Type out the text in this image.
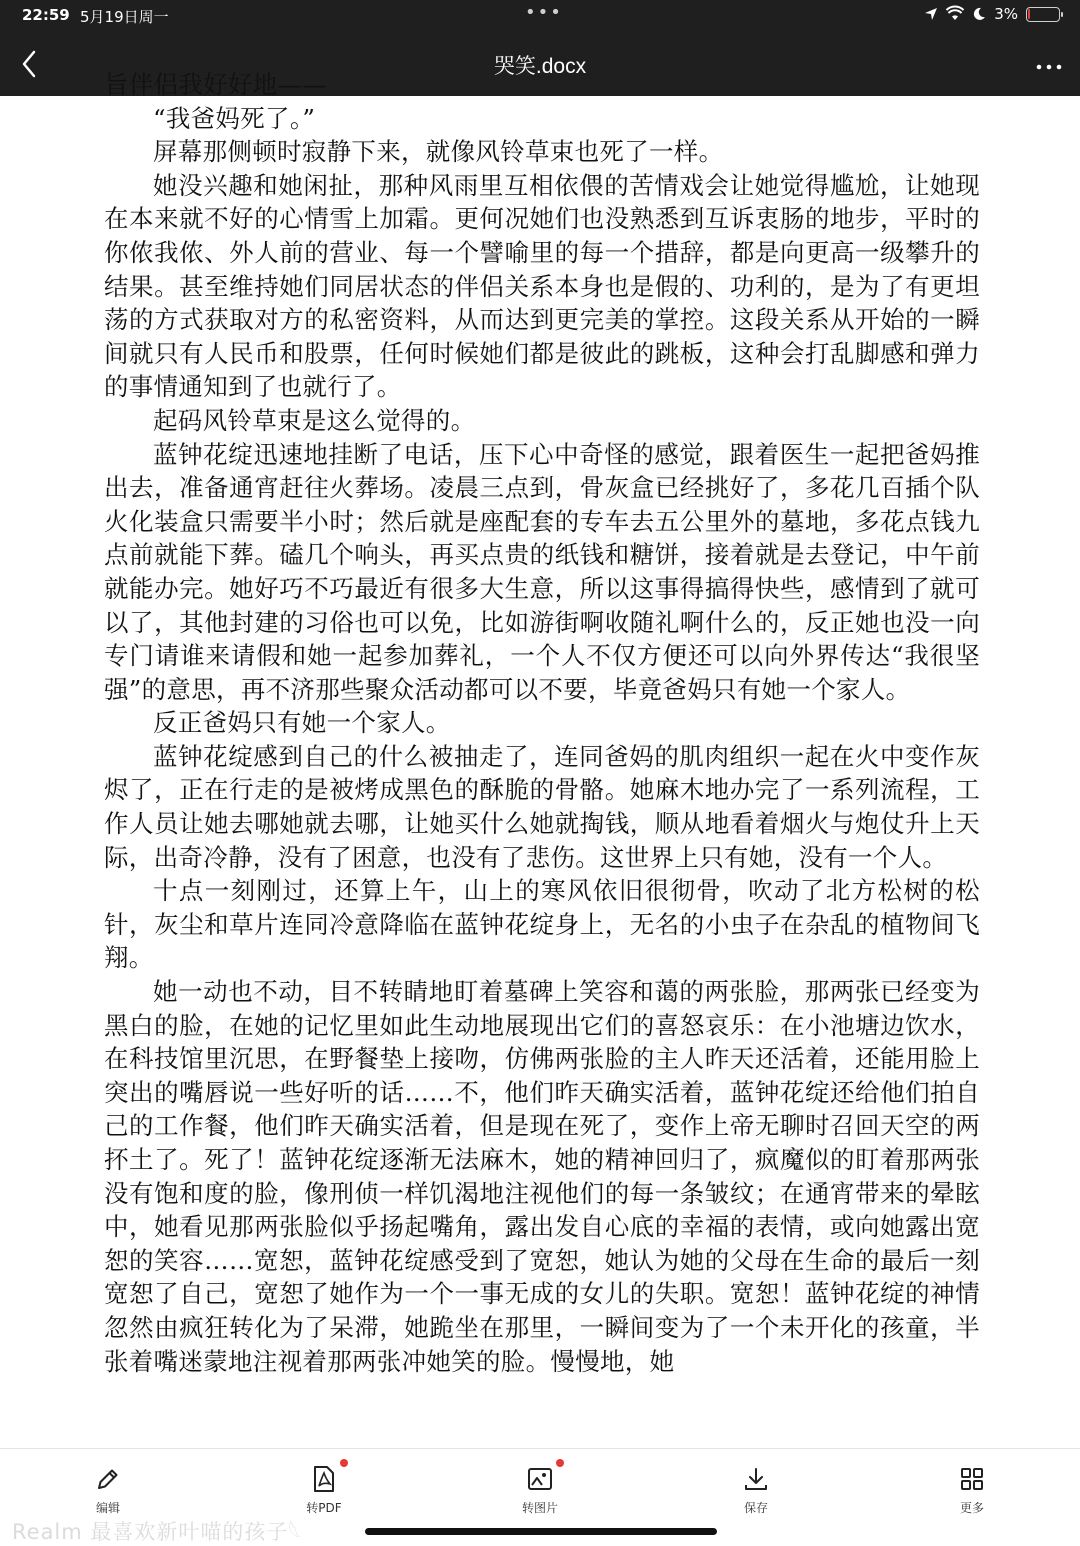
22:59 5月19日周一	•••	3%
哭笑.docx

旨伴侣我好好地——

“我爸妈死了。”

屏幕那侧顿时寂静下来，就像风铃草束也死了一样。

她没兴趣和她闲扯，那种风雨里互相依偎的苦情戏会让她觉得尴尬，让她现在本来就不好的心情雪上加霜。更何况她们也没熟悉到互诉衷肠的地步，平时的你侬我侬、外人前的营业、每一个譬喻里的每一个措辞，都是向更高一级攀升的结果。甚至维持她们同居状态的伴侣关系本身也是假的、功利的，是为了有更坦荡的方式获取对方的私密资料，从而达到更完美的掌控。这段关系从开始的一瞬间就只有人民币和股票，任何时候她们都是彼此的跳板，这种会打乱脚感和弹力的事情通知到了也就行了。

起码风铃草束是这么觉得的。

蓝钟花绽迅速地挂断了电话，压下心中奇怪的感觉，跟着医生一起把爸妈推出去，准备通宵赶往火葬场。凌晨三点到，骨灰盒已经挑好了，多花几百插个队火化装盒只需要半小时；然后就是座配套的专车去五公里外的墓地，多花点钱九点前就能下葬。磕几个响头，再买点贵的纸钱和糖饼，接着就是去登记，中午前就能办完。她好巧不巧最近有很多大生意，所以这事得搞得快些，感情到了就可以了，其他封建的习俗也可以免，比如游街啊收随礼啊什么的，反正她也没一向专门请谁来请假和她一起参加葬礼，一个人不仅方便还可以向外界传达“我很坚强”的意思，再不济那些聚众活动都可以不要，毕竟爸妈只有她一个家人。

反正爸妈只有她一个家人。

蓝钟花绽感到自己的什么被抽走了，连同爸妈的肌肉组织一起在火中变作灰烬了，正在行走的是被烤成黑色的酥脆的骨骼。她麻木地办完了一系列流程，工作人员让她去哪她就去哪，让她买什么她就掏钱，顺从地看着烟火与炮仗升上天际，出奇冷静，没有了困意，也没有了悲伤。这世界上只有她，没有一个人。

十点一刻刚过，还算上午，山上的寒风依旧很彻骨，吹动了北方松树的松针，灰尘和草片连同冷意降临在蓝钟花绽身上，无名的小虫子在杂乱的植物间飞翔。

她一动也不动，目不转睛地盯着墓碑上笑容和蔼的两张脸，那两张已经变为黑白的脸，在她的记忆里如此生动地展现出它们的喜怒哀乐：在小池塘边饮水，在科技馆里沉思，在野餐垫上接吻，仿佛两张脸的主人昨天还活着，还能用脸上突出的嘴唇说一些好听的话……不，他们昨天确实活着，蓝钟花绽还给他们拍自己的工作餐，他们昨天确实活着，但是现在死了，变作上帝无聊时召回天空的两抔土了。死了！蓝钟花绽逐渐无法麻木，她的精神回归了，疯魔似的盯着那两张没有饱和度的脸，像刑侦一样饥渴地注视他们的每一条皱纹；在通宵带来的晕眩中，她看见那两张脸似乎扬起嘴角，露出发自心底的幸福的表情，或向她露出宽恕的笑容……宽恕，蓝钟花绽感受到了宽恕，她认为她的父母在生命的最后一刻宽恕了自己，宽恕了她作为一个一事无成的女儿的失职。宽恕！蓝钟花绽的神情忽然由疯狂转化为了呆滞，她跪坐在那里，一瞬间变为了一个未开化的孩童，半张着嘴迷蒙地注视着那两张冲她笑的脸。慢慢地，她

编辑	转PDF	转图片	保存	更多
Realm 最喜欢新叶喵的孩子𓆩
